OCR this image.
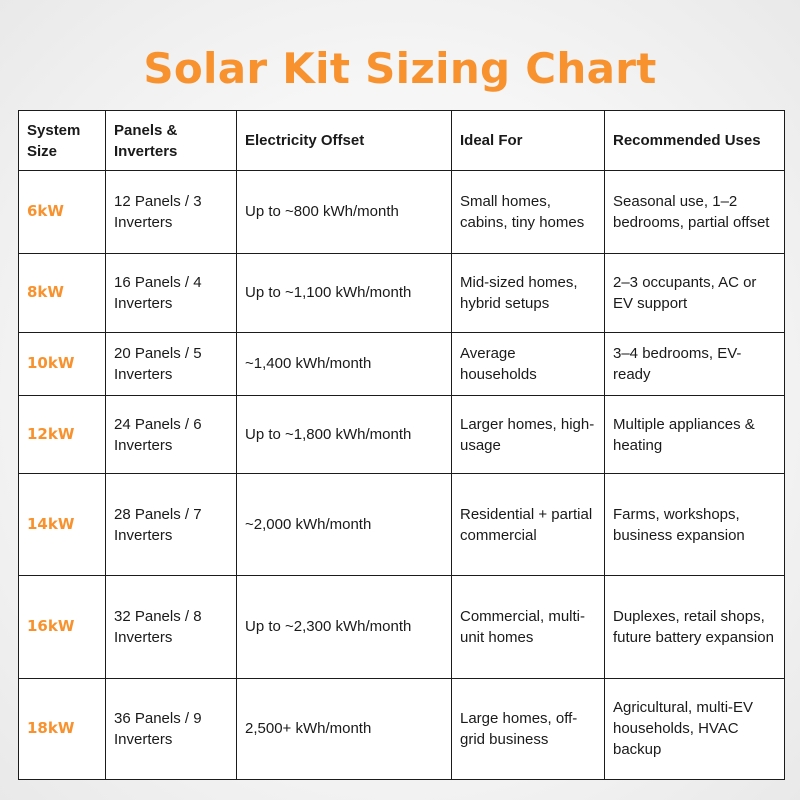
Solar Kit Sizing Chart
System Size	Panels & Inverters	Electricity Offset	Ideal For	Recommended Uses
6kW	12 Panels / 3 Inverters	Up to ~800 kWh/month	Small homes, cabins, tiny homes	Seasonal use, 1–2 bedrooms, partial offset
8kW	16 Panels / 4 Inverters	Up to ~1,100 kWh/month	Mid-sized homes, hybrid setups	2–3 occupants, AC or EV support
10kW	20 Panels / 5 Inverters	~1,400 kWh/month	Average households	3–4 bedrooms, EV-ready
12kW	24 Panels / 6 Inverters	Up to ~1,800 kWh/month	Larger homes, high-usage	Multiple appliances & heating
14kW	28 Panels / 7 Inverters	~2,000 kWh/month	Residential + partial commercial	Farms, workshops, business expansion
16kW	32 Panels / 8 Inverters	Up to ~2,300 kWh/month	Commercial, multi-unit homes	Duplexes, retail shops, future battery expansion
18kW	36 Panels / 9 Inverters	2,500+ kWh/month	Large homes, off-grid business	Agricultural, multi-EV households, HVAC backup
